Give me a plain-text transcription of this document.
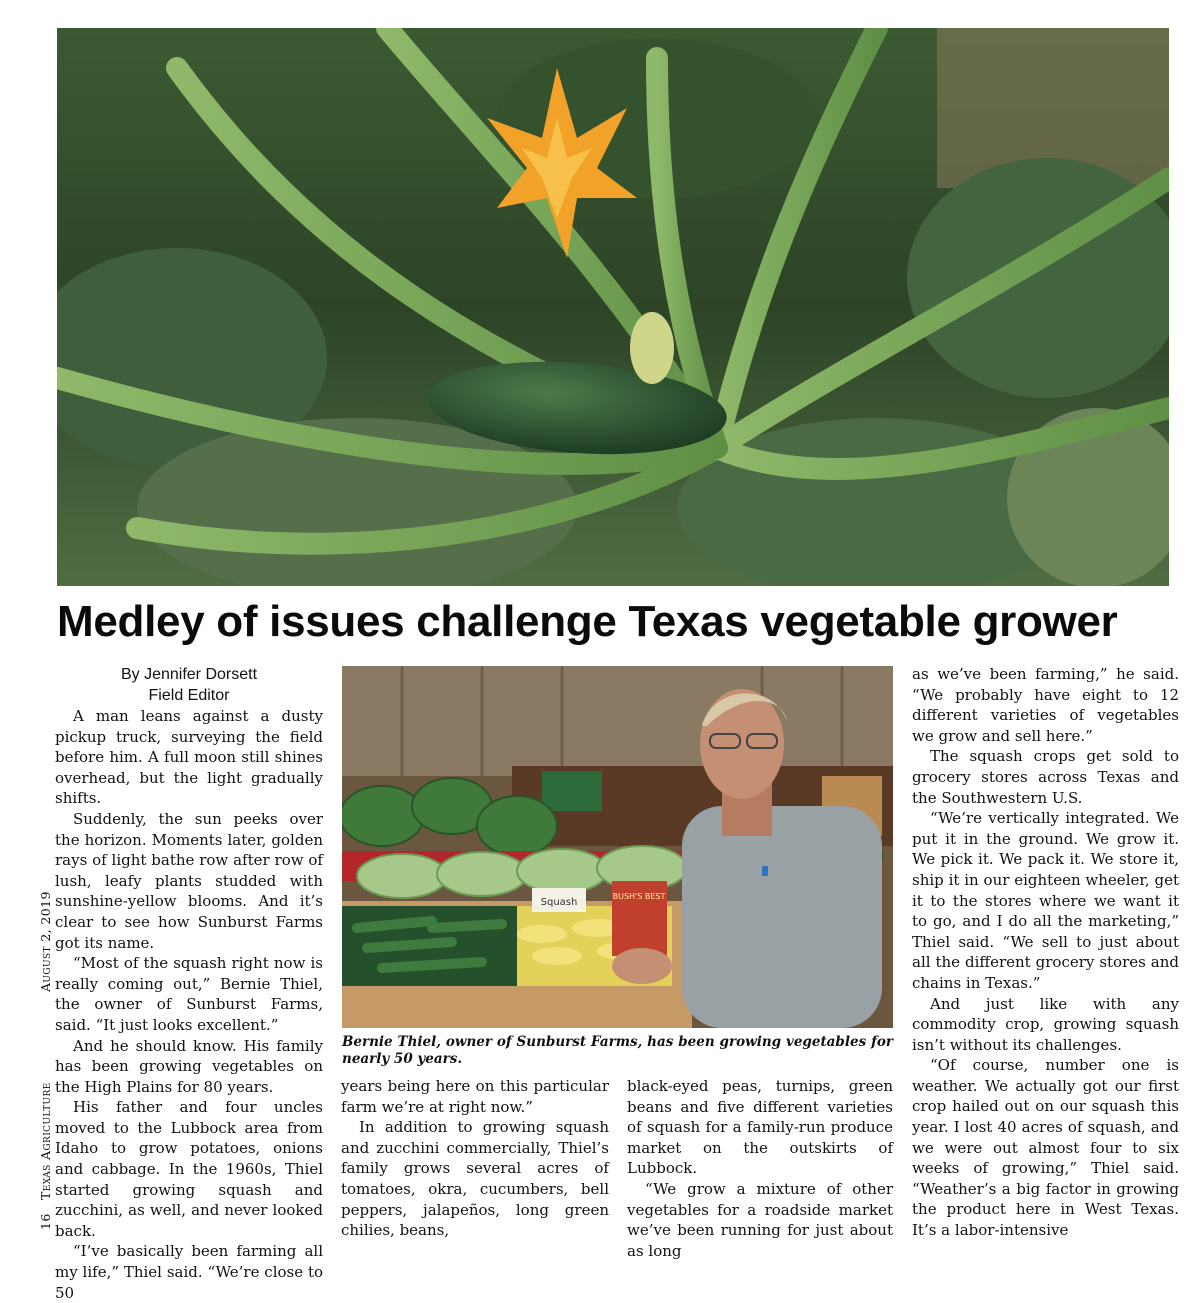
Medley of issues challenge Texas vegetable grower
By Jennifer Dorsett
Field Editor

A man leans against a dusty pickup truck, surveying the field before him. A full moon still shines overhead, but the light gradually shifts.

Suddenly, the sun peeks over the horizon. Moments later, golden rays of light bathe row after row of lush, leafy plants studded with sunshine-yellow blooms. And it’s clear to see how Sunburst Farms got its name.

“Most of the squash right now is really coming out,” Bernie Thiel, the owner of Sunburst Farms, said. “It just looks excellent.”

And he should know. His family has been growing vegetables on the High Plains for 80 years.

His father and four uncles moved to the Lubbock area from Idaho to grow potatoes, onions and cabbage. In the 1960s, Thiel started growing squash and zucchini, as well, and never looked back.

“I’ve basically been farming all my life,” Thiel said. “We’re close to 50

Squash
BUSH'S BEST
Bernie Thiel, owner of Sunburst Farms, has been growing vegetables for nearly 50 years.

years being here on this particular farm we’re at right now.”

In addition to growing squash and zucchini commercially, Thiel’s family grows several acres of tomatoes, okra, cucumbers, bell peppers, jalapeños, long green chilies, beans,

black-eyed peas, turnips, green beans and five different varieties of squash for a family-run produce market on the outskirts of Lubbock.

“We grow a mixture of other vegetables for a roadside market we’ve been running for just about as long

as we’ve been farming,” he said. “We probably have eight to 12 different varieties of vegetables we grow and sell here.”

The squash crops get sold to grocery stores across Texas and the Southwestern U.S.

“We’re vertically integrated. We put it in the ground. We grow it. We pick it. We pack it. We store it, ship it in our eighteen wheeler, get it to the stores where we want it to go, and I do all the marketing,” Thiel said. “We sell to just about all the different grocery stores and chains in Texas.”

And just like with any commodity crop, growing squash isn’t without its challenges.

“Of course, number one is weather. We actually got our first crop hailed out on our squash this year. I lost 40 acres of squash, and we were out almost four to six weeks of growing,” Thiel said. “Weather’s a big factor in growing the product here in West Texas. It’s a labor-intensive

16
Texas Agriculture
August 2, 2019
